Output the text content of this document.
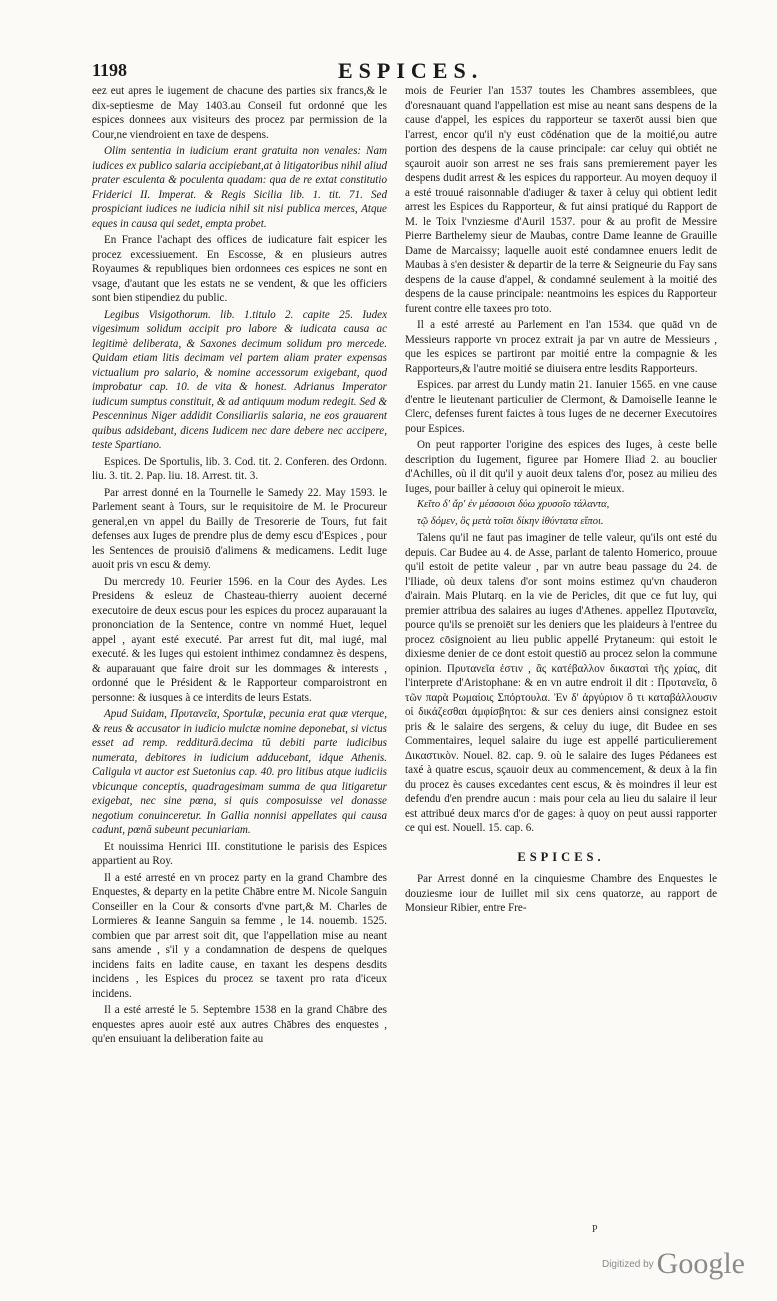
1198	ESPICES.

eez eut apres le iugement de chacune des parties six francs,& le dix-septiesme de May 1403.au Conseil fut ordonné que les espices donnees aux visiteurs des procez par permission de la Cour,ne viendroient en taxe de despens.

Olim sententia in iudicium erant gratuita non venales: Nam iudices ex publico salaria accipiebant,at à litigatoribus nihil aliud prater esculenta & poculenta quadam: qua de re extat constitutio Friderici II. Imperat. & Regis Sicilia lib. 1. tit. 71. Sed prospiciant iudices ne iudicia nihil sit nisi publica merces, Atque eques in causa qui sedet, empta probet.

En France l'achapt des offices de iudicature fait espicer les procez excessiuement. En Escosse, & en plusieurs autres Royaumes & republiques bien ordonnees ces espices ne sont en vsage, d'autant que les estats ne se vendent, & que les officiers sont bien stipendiez du public.

Legibus Visigothorum. lib. 1.titulo 2. capite 25. Iudex vigesimum solidum accipit pro labore & iudicata causa ac legitimè deliberata, & Saxones decimum solidum pro mercede. Quidam etiam litis decimam vel partem aliam prater expensas victualium pro salario, & nomine accessorum exigebant, quod improbatur cap. 10. de vita & honest. Adrianus Imperator iudicum sumptus constituit, & ad antiquum modum redegit. Sed & Pescenninus Niger addidit Consiliariis salaria, ne eos grauarent quibus adsidebant, dicens Iudicem nec dare debere nec accipere, teste Spartiano.

Espices. De Sportulis, lib. 3. Cod. tit. 2. Conferen. des Ordonn. liu. 3. tit. 2. Pap. liu. 18. Arrest. tit. 3.

Par arrest donné en la Tournelle le Samedy 22. May 1593. le Parlement seant à Tours, sur le requisitoire de M. le Procureur general,en vn appel du Bailly de Tresorerie de Tours, fut fait defenses aux Iuges de prendre plus de demy escu d'Espices , pour les Sentences de prouisiō d'alimens & medicamens. Ledit Iuge auoit pris vn escu & demy.

Du mercredy 10. Feurier 1596. en la Cour des Aydes. Les Presidens & esleuz de Chasteau-thierry auoient decerné executoire de deux escus pour les espices du procez auparauant la prononciation de la Sentence, contre vn nommé Huet, lequel appel , ayant esté executé. Par arrest fut dit, mal iugé, mal executé. & les Iuges qui estoient inthimez condamnez ès despens, & auparauant que faire droit sur les dommages & interests , ordonné que le Président & le Rapporteur comparoistront en personne: & iusques à ce interdits de leurs Estats.

Apud Suidam, Πρυτανεῖα, Sportulæ, pecunia erat quæ vterque, & reus & accusator in iudicio mulctæ nomine deponebat, si victus esset ad remp. redditurā.decima tū debiti parte iudicibus numerata, debitores in iudicium adducebant, idque Athenis. Caligula vt auctor est Suetonius cap. 40. pro litibus atque iudiciis vbicunque conceptis, quadragesimam summa de qua litigaretur exigebat, nec sine pœna, si quis composuisse vel donasse negotium conuinceretur. In Gallia nonnisi appellates qui causa cadunt, pœnā subeunt pecuniariam.

Et nouissima Henrici III. constitutione le parisis des Espices appartient au Roy.

Il a esté arresté en vn procez party en la grand Chambre des Enquestes, & departy en la petite Chābre entre M. Nicole Sanguin Conseiller en la Cour & consorts d'vne part,& M. Charles de Lormieres & Ieanne Sanguin sa femme , le 14. nouemb. 1525. combien que par arrest soit dit, que l'appellation mise au neant sans amende , s'il y a condamnation de despens de quelques incidens faits en ladite cause, en taxant les despens desdits incidens , les Espices du procez se taxent pro rata d'iceux incidens.

Il a esté arresté le 5. Septembre 1538 en la grand Chābre des enquestes apres auoir esté aux autres Chābres des enquestes , qu'en ensuiuant la deliberation faite au

mois de Feurier l'an 1537 toutes les Chambres assemblees, que d'oresnauant quand l'appellation est mise au neant sans despens de la cause d'appel, les espices du rapporteur se taxerōt aussi bien que l'arrest, encor qu'il n'y eust cōdénation que de la moitié,ou autre portion des despens de la cause principale: car celuy qui obtiét ne sçauroit auoir son arrest ne ses frais sans premierement payer les despens dudit arrest & les espices du rapporteur. Au moyen dequoy il a esté trouué raisonnable d'adiuger & taxer à celuy qui obtient ledit arrest les Espices du Rapporteur, & fut ainsi pratiqué du Rapport de M. le Toix l'vnziesme d'Auril 1537. pour & au profit de Messire Pierre Barthelemy sieur de Maubas, contre Dame Ieanne de Grauille Dame de Marcaissy; laquelle auoit esté condamnee enuers ledit de Maubas à s'en desister & departir de la terre & Seigneurie du Fay sans despens de la cause d'appel, & condamné seulement à la moitié des despens de la cause principale: neantmoins les espices du Rapporteur furent contre elle taxees pro toto.

Il a esté arresté au Parlement en l'an 1534. que quād vn de Messieurs rapporte vn procez extrait ja par vn autre de Messieurs , que les espices se partiront par moitié entre la compagnie & les Rapporteurs,& l'autre moitié se diuisera entre lesdits Rapporteurs.

Espices. par arrest du Lundy matin 21. Ianuier 1565. en vne cause d'entre le lieutenant particulier de Clermont, & Damoiselle Ieanne le Clerc, defenses furent faictes à tous Iuges de ne decerner Executoires pour Espices.

On peut rapporter l'origine des espices des Iuges, à ceste belle description du Iugement, figuree par Homere Iliad 2. au bouclier d'Achilles, où il dit qu'il y auoit deux talens d'or, posez au milieu des Iuges, pour bailler à celuy qui opineroit le mieux.

Κεῖτο δ' ἄρ' ἐν μέσσοισι δύω χρυσοῖο τάλαντα,
τῷ δόμεν, ὃς μετὰ τοῖσι δίκην ἰθύντατα εἴποι.

Talens qu'il ne faut pas imaginer de telle valeur, qu'ils ont esté du depuis. Car Budee au 4. de Asse, parlant de talento Homerico, prouue qu'il estoit de petite valeur , par vn autre beau passage du 24. de l'Iliade, où deux talens d'or sont moins estimez qu'vn chauderon d'airain. Mais Plutarq. en la vie de Pericles, dit que ce fut luy, qui premier attribua des salaires au iuges d'Athenes. appellez Πρυτανεῖα, pource qu'ils se prenoiēt sur les deniers que les plaideurs à l'entree du procez cōsignoient au lieu public appellé Prytaneum: qui estoit le dixiesme denier de ce dont estoit questiō au procez selon la commune opinion. Πρυτανεῖα ἐστιν , ἃς κατέβαλλον δικασταὶ τῆς χρίας, dit l'interprete d'Aristophane: & en vn autre endroit il dit : Πρυτανεῖα, ὃ τῶν παρὰ Ρωμαίοις Σπόρτουλα. Ἐν δ' ἀργύριον ὃ τι καταβάλλουσιν οἱ δικάζεσθαι ἀμφίσβητοι: & sur ces deniers ainsi consignez estoit pris & le salaire des sergens, & celuy du iuge, dit Budee en ses Commentaires, lequel salaire du iuge est appellé particulierement Δικαστικὸν. Nouel. 82. cap. 9. où le salaire des Iuges Pédanees est taxé à quatre escus, sçauoir deux au commencement, & deux à la fin du procez ès causes excedantes cent escus, & ès moindres il leur est defendu d'en prendre aucun : mais pour cela au lieu du salaire il leur est attribué deux marcs d'or de gages: à quoy on peut aussi rapporter ce qui est. Nouell. 15. cap. 6.

ESPICES.

Par Arrest donné en la cinquiesme Chambre des Enquestes le douziesme iour de Iuillet mil six cens quatorze, au rapport de Monsieur Ribier, entre Fre-

P
$^{Digitized by}$ Google
